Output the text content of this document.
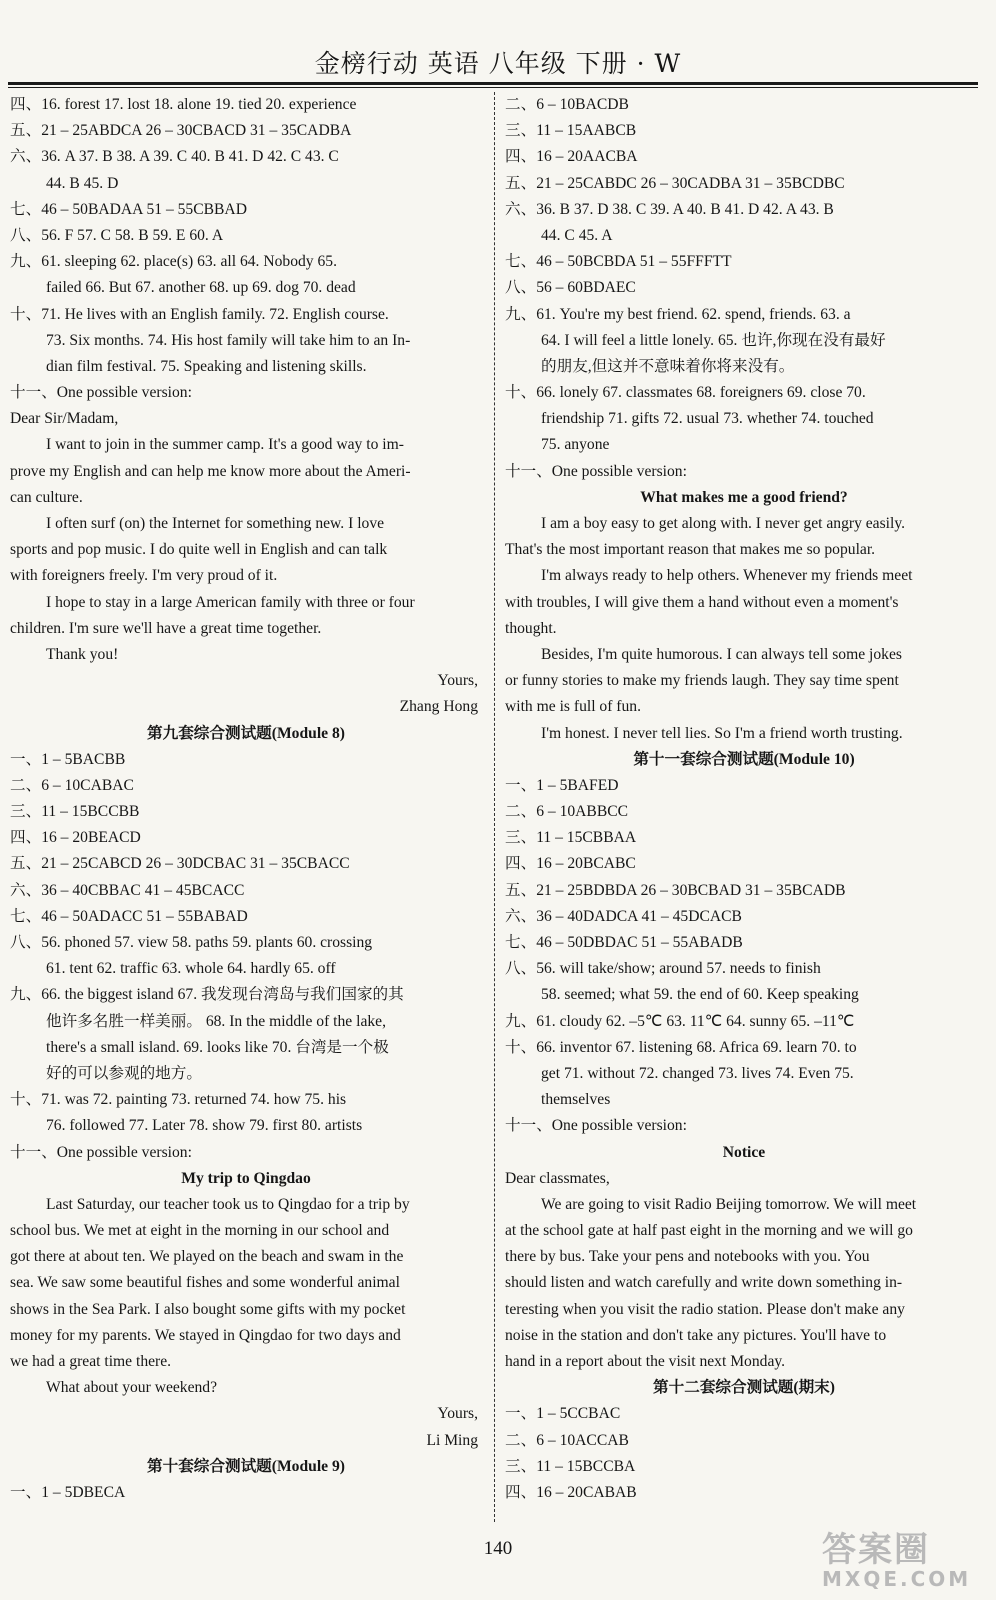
金榜行动 英语 八年级 下册 · W
四、16. forest 17. lost 18. alone 19. tied 20. experience
五、21 – 25ABDCA 26 – 30CBACD 31 – 35CADBA
六、36. A 37. B 38. A 39. C 40. B 41. D 42. C 43. C
44. B 45. D
七、46 – 50BADAA 51 – 55CBBAD
八、56. F 57. C 58. B 59. E 60. A
九、61. sleeping 62. place(s) 63. all 64. Nobody 65.
failed 66. But 67. another 68. up 69. dog 70. dead
十、71. He lives with an English family. 72. English course.
73. Six months. 74. His host family will take him to an In-
dian film festival. 75. Speaking and listening skills.
十一、One possible version:
Dear Sir/Madam,
I want to join in the summer camp. It's a good way to im-
prove my English and can help me know more about the Ameri-
can culture.
I often surf (on) the Internet for something new. I love
sports and pop music. I do quite well in English and can talk
with foreigners freely. I'm very proud of it.
I hope to stay in a large American family with three or four
children. I'm sure we'll have a great time together.
Thank you!
Yours,
Zhang Hong
第九套综合测试题(Module 8)
一、1 – 5BACBB
二、6 – 10CABAC
三、11 – 15BCCBB
四、16 – 20BEACD
五、21 – 25CABCD 26 – 30DCBAC 31 – 35CBACC
六、36 – 40CBBAC 41 – 45BCACC
七、46 – 50ADACC 51 – 55BABAD
八、56. phoned 57. view 58. paths 59. plants 60. crossing
61. tent 62. traffic 63. whole 64. hardly 65. off
九、66. the biggest island 67. 我发现台湾岛与我们国家的其
他许多名胜一样美丽。 68. In the middle of the lake,
there's a small island. 69. looks like 70. 台湾是一个极
好的可以参观的地方。
十、71. was 72. painting 73. returned 74. how 75. his
76. followed 77. Later 78. show 79. first 80. artists
十一、One possible version:
My trip to Qingdao
Last Saturday, our teacher took us to Qingdao for a trip by
school bus. We met at eight in the morning in our school and
got there at about ten. We played on the beach and swam in the
sea. We saw some beautiful fishes and some wonderful animal
shows in the Sea Park. I also bought some gifts with my pocket
money for my parents. We stayed in Qingdao for two days and
we had a great time there.
What about your weekend?
Yours,
Li Ming
第十套综合测试题(Module 9)
一、1 – 5DBECA
二、6 – 10BACDB
三、11 – 15AABCB
四、16 – 20AACBA
五、21 – 25CABDC 26 – 30CADBA 31 – 35BCDBC
六、36. B 37. D 38. C 39. A 40. B 41. D 42. A 43. B
44. C 45. A
七、46 – 50BCBDA 51 – 55FFFTT
八、56 – 60BDAEC
九、61. You're my best friend. 62. spend, friends. 63. a
64. I will feel a little lonely. 65. 也许,你现在没有最好
的朋友,但这并不意味着你将来没有。
十、66. lonely 67. classmates 68. foreigners 69. close 70.
friendship 71. gifts 72. usual 73. whether 74. touched
75. anyone
十一、One possible version:
What makes me a good friend?
I am a boy easy to get along with. I never get angry easily.
That's the most important reason that makes me so popular.
I'm always ready to help others. Whenever my friends meet
with troubles, I will give them a hand without even a moment's
thought.
Besides, I'm quite humorous. I can always tell some jokes
or funny stories to make my friends laugh. They say time spent
with me is full of fun.
I'm honest. I never tell lies. So I'm a friend worth trusting.
第十一套综合测试题(Module 10)
一、1 – 5BAFED
二、6 – 10ABBCC
三、11 – 15CBBAA
四、16 – 20BCABC
五、21 – 25BDBDA 26 – 30BCBAD 31 – 35BCADB
六、36 – 40DADCA 41 – 45DCACB
七、46 – 50DBDAC 51 – 55ABADB
八、56. will take/show; around 57. needs to finish
58. seemed; what 59. the end of 60. Keep speaking
九、61. cloudy 62. –5℃ 63. 11℃ 64. sunny 65. –11℃
十、66. inventor 67. listening 68. Africa 69. learn 70. to
get 71. without 72. changed 73. lives 74. Even 75.
themselves
十一、One possible version:
Notice
Dear classmates,
We are going to visit Radio Beijing tomorrow. We will meet
at the school gate at half past eight in the morning and we will go
there by bus. Take your pens and notebooks with you. You
should listen and watch carefully and write down something in-
teresting when you visit the radio station. Please don't make any
noise in the station and don't take any pictures. You'll have to
hand in a report about the visit next Monday.
第十二套综合测试题(期末)
一、1 – 5CCBAC
二、6 – 10ACCAB
三、11 – 15BCCBA
四、16 – 20CABAB
140	答案圈
MXQE.COM
